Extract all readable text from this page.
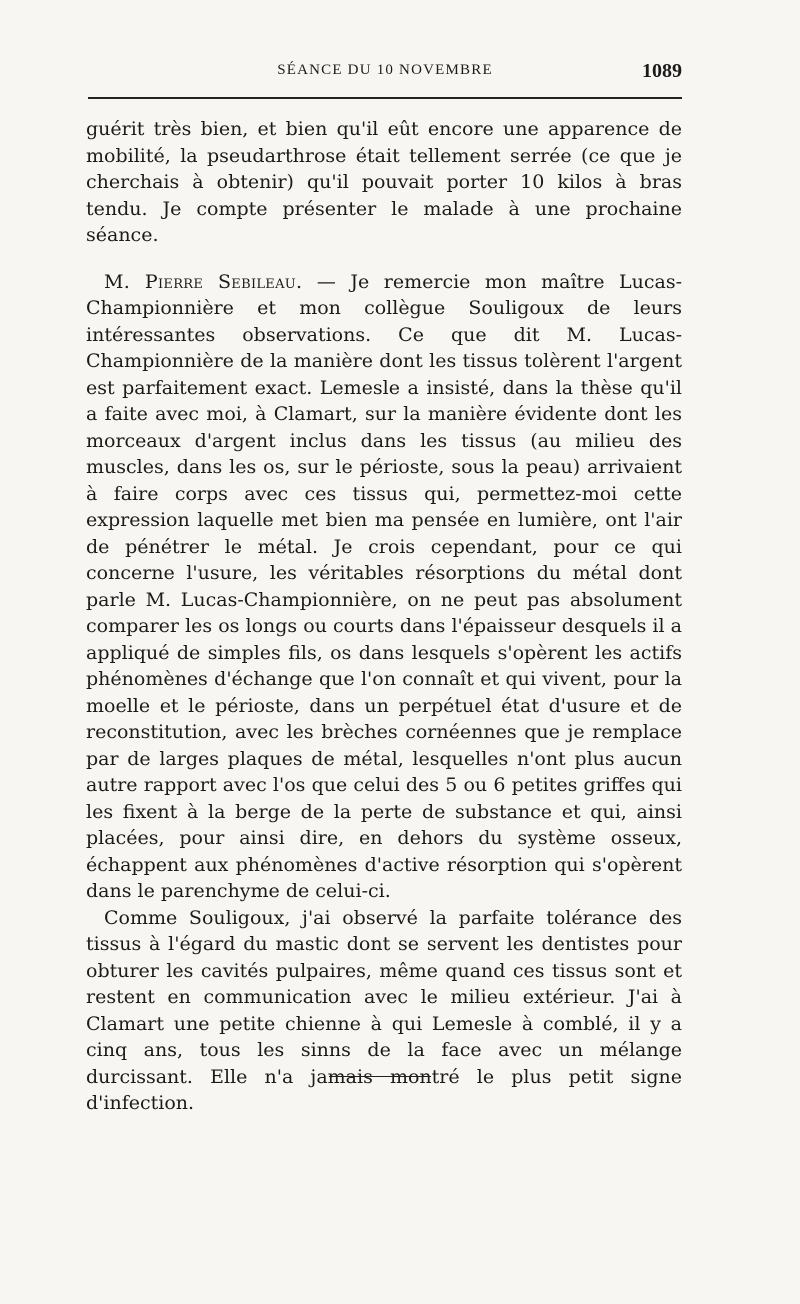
SÉANCE DU 10 NOVEMBRE	1089

guérit très bien, et bien qu'il eût encore une apparence de mobilité, la pseudarthrose était tellement serrée (ce que je cherchais à obtenir) qu'il pouvait porter 10 kilos à bras tendu. Je compte présenter le malade à une prochaine séance.

M. Pierre Sebileau. — Je remercie mon maître Lucas-Championnière et mon collègue Souligoux de leurs intéressantes observations. Ce que dit M. Lucas-Championnière de la manière dont les tissus tolèrent l'argent est parfaitement exact. Lemesle a insisté, dans la thèse qu'il a faite avec moi, à Clamart, sur la manière évidente dont les morceaux d'argent inclus dans les tissus (au milieu des muscles, dans les os, sur le périoste, sous la peau) arrivaient à faire corps avec ces tissus qui, permettez-moi cette expression laquelle met bien ma pensée en lumière, ont l'air de pénétrer le métal. Je crois cependant, pour ce qui concerne l'usure, les véritables résorptions du métal dont parle M. Lucas-Championnière, on ne peut pas absolument comparer les os longs ou courts dans l'épaisseur desquels il a appliqué de simples fils, os dans lesquels s'opèrent les actifs phénomènes d'échange que l'on connaît et qui vivent, pour la moelle et le périoste, dans un perpétuel état d'usure et de reconstitution, avec les brèches cornéennes que je remplace par de larges plaques de métal, lesquelles n'ont plus aucun autre rapport avec l'os que celui des 5 ou 6 petites griffes qui les fixent à la berge de la perte de substance et qui, ainsi placées, pour ainsi dire, en dehors du système osseux, échappent aux phénomènes d'active résorption qui s'opèrent dans le parenchyme de celui-ci.

Comme Souligoux, j'ai observé la parfaite tolérance des tissus à l'égard du mastic dont se servent les dentistes pour obturer les cavités pulpaires, même quand ces tissus sont et restent en communication avec le milieu extérieur. J'ai à Clamart une petite chienne à qui Lemesle à comblé, il y a cinq ans, tous les sinns de la face avec un mélange durcissant. Elle n'a jamais montré le plus petit signe d'infection.
